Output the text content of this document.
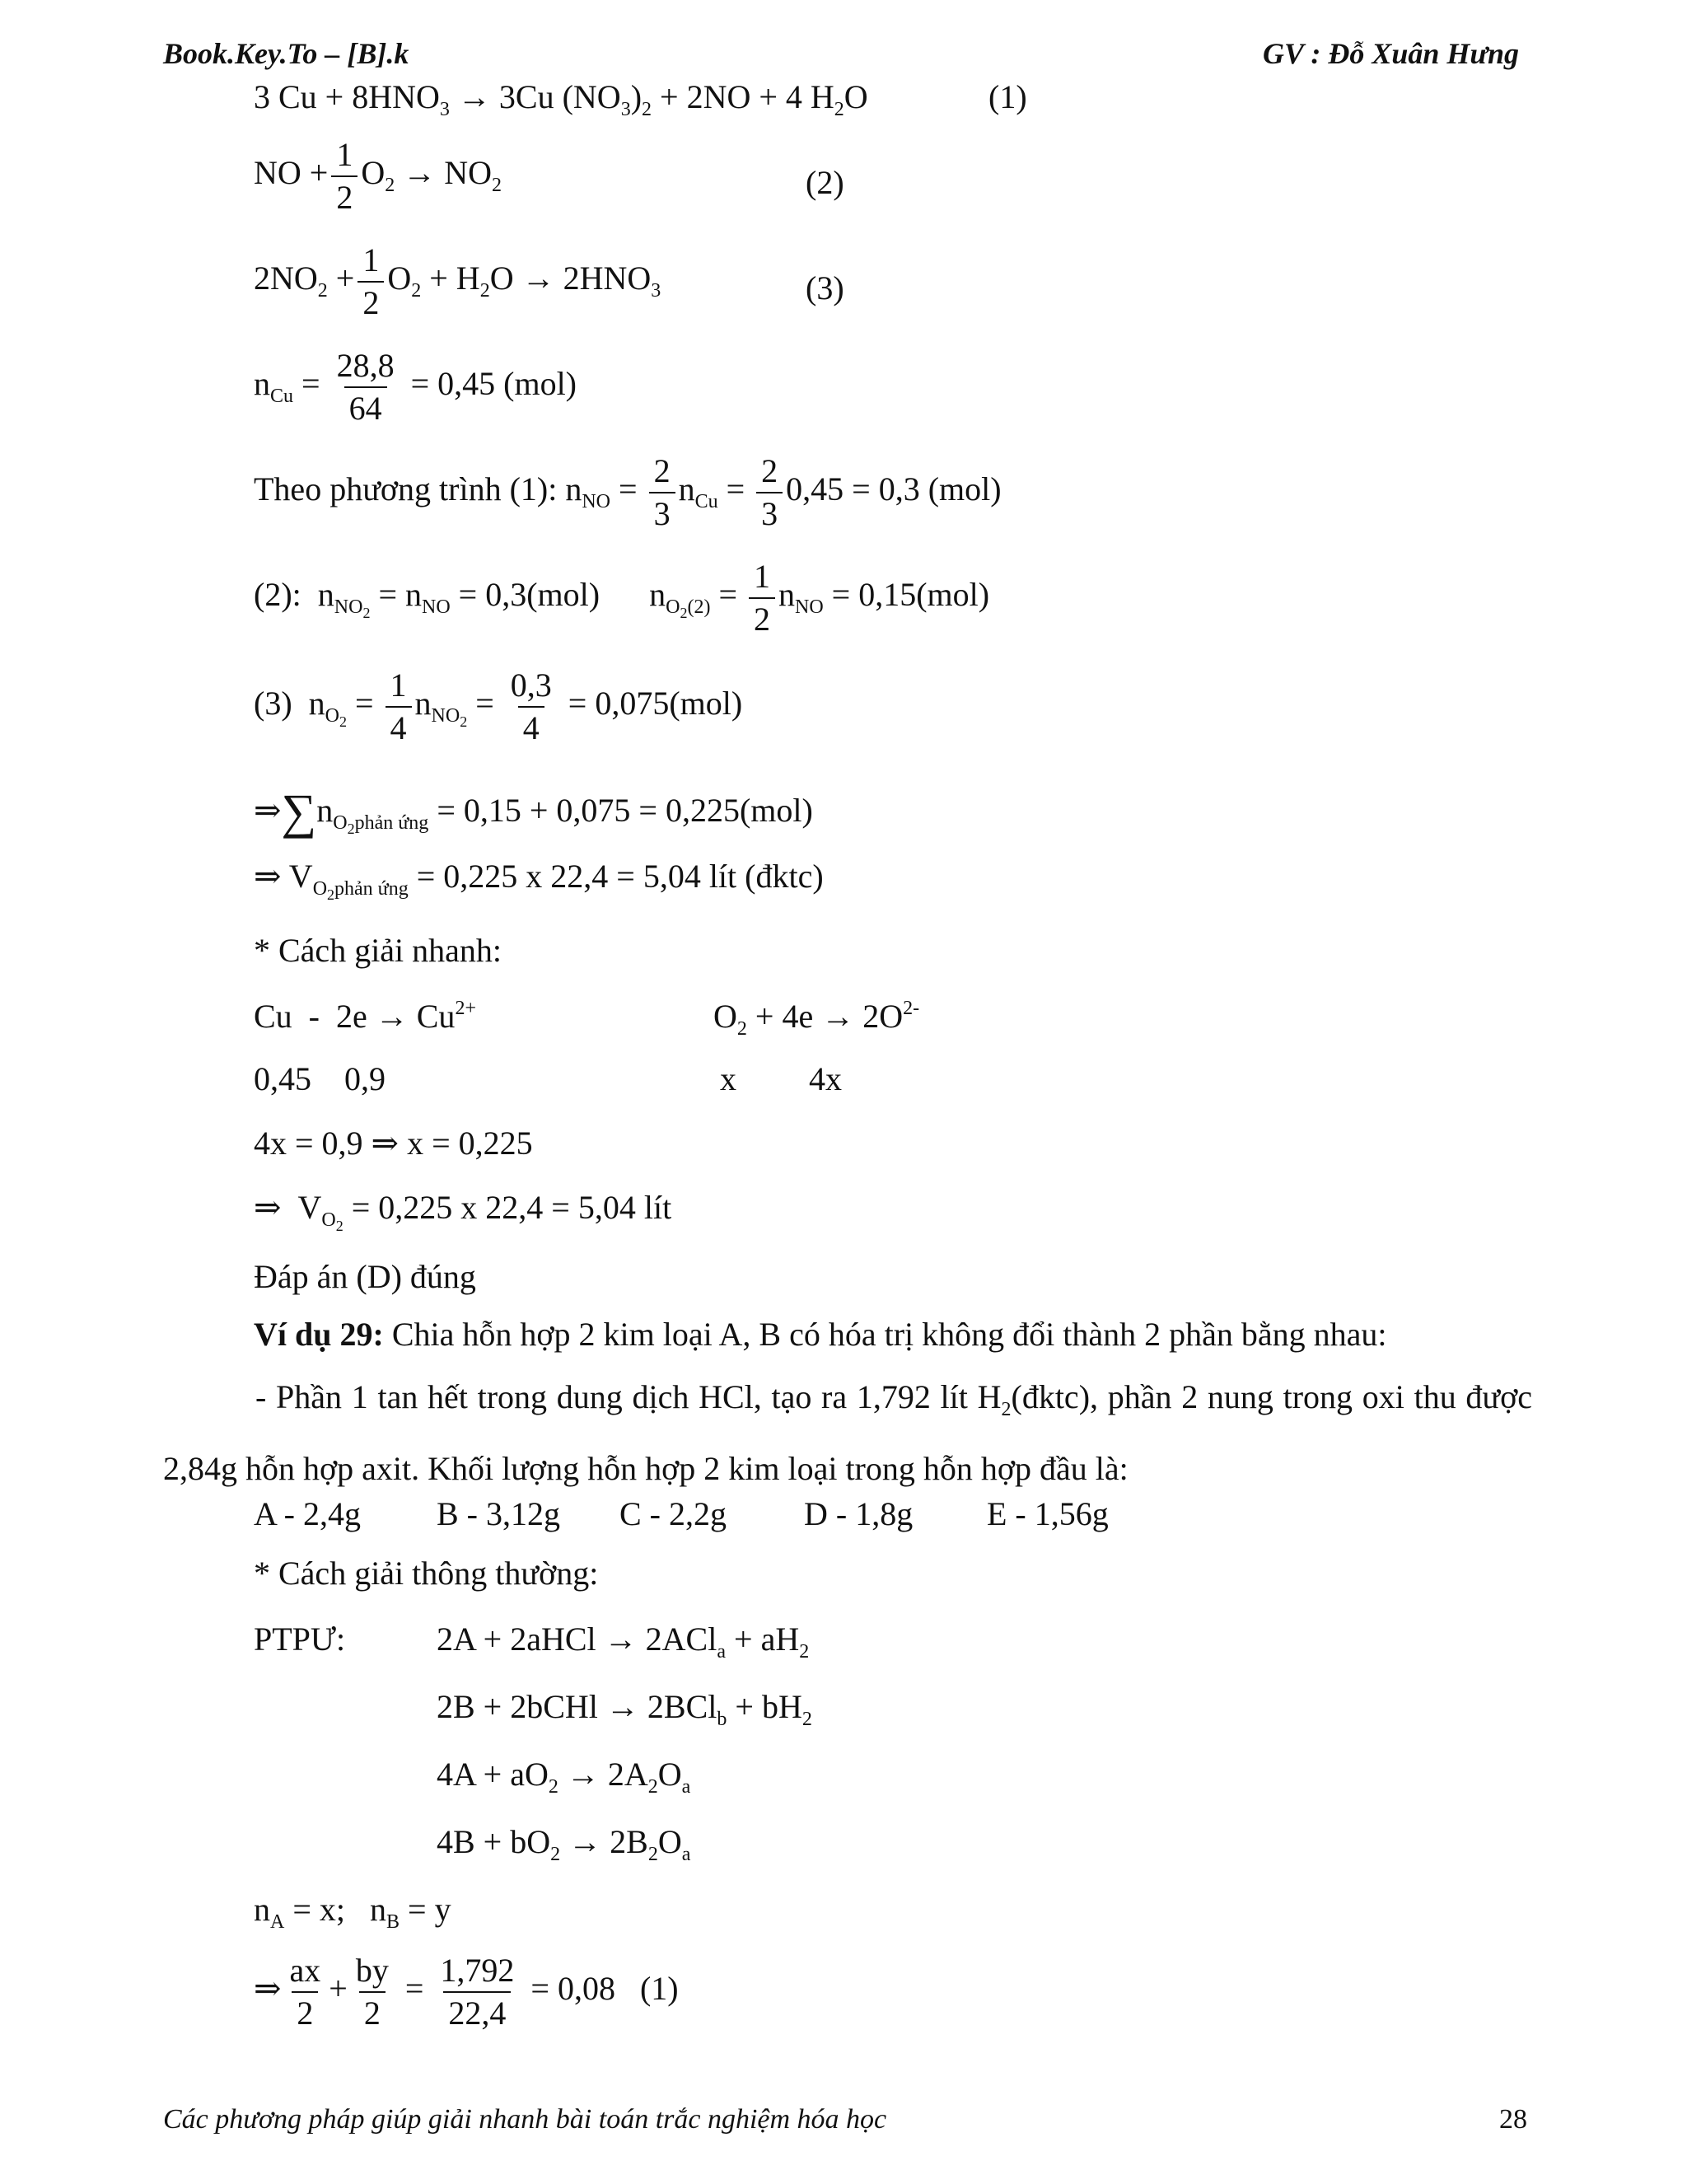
Book.Key.To – [B].k	GV : Đỗ Xuân Hưng
3 $Cu + 8HNO_3 \to 3Cu$ $(NO_3)_2 + 2NO + 4$ $H_2O$	(1)
NO + $\frac{1}{2} O_2 \to NO_2$	(2)
$2NO_2 + \frac{1}{2} O_2 + H_2O \to 2HNO_3$	(3)
$n_{Cu} = \frac{28,8}{64} = 0,45$ (mol)
Theo phương trình (1): $n_{NO} = \frac{2}{3} n_{Cu} = \frac{2}{3} 0,45 = 0,3$ (mol)
(2):  $n_{NO_2} = n_{NO} = 0,3(mol)$      $n_{O_2(2)} = \frac{1}{2} n_{NO} = 0,15(mol)$
(3)  $n_{O_2} = \frac{1}{4} n_{NO_2} = \frac{0,3}{4} = 0,075(mol)$
$\Rightarrow\sum n_{O_2phản ứng} = 0,15 + 0,075 = 0,225(mol)$
⇒ $V_{O_2phản ứng} = 0,225$ x 22,4 = 5,04 lít (đktc)
* Cách giải nhanh:
$Cu - 2e \to Cu^{2+}$	$O_2 + 4e \to 2O^{2-}$
0,45    0,9	x 4x
4x = 0,9 ⇒ x = 0,225
⇒  $V_{O_2} = 0,225$ x 22,4 = 5,04 lít
Đáp án (D) đúng
Ví dụ 29: Chia hỗn hợp 2 kim loại A, B có hóa trị không đổi thành 2 phần bằng nhau:
- Phần 1 tan hết trong dung dịch HCl, tạo ra 1,792 lít $H_2(đktc)$, phần 2 nung trong oxi thu được 2,84g hỗn hợp axit. Khối lượng hỗn hợp 2 kim loại trong hỗn hợp đầu là:
A - 2,4g B - 3,12g C - 2,2g D - 1,8g E - 1,56g
* Cách giải thông thường:
PTPƯ:	2A + 2aHCl → $2ACl_a + aH_2$
2B + 2bCHl → $2BCl_b + bH_2$
$4A + aO_2 \to 2A_2O_a$
$4B + bO_2 \to 2B_2O_a$
$n_A = x$;   $n_B = y$
⇒ $\frac{ax}{2} + \frac{by}{2} = \frac{1,792}{22,4} = 0,08$   (1)
Các phương pháp giúp giải nhanh bài toán trắc nghiệm hóa học	28
